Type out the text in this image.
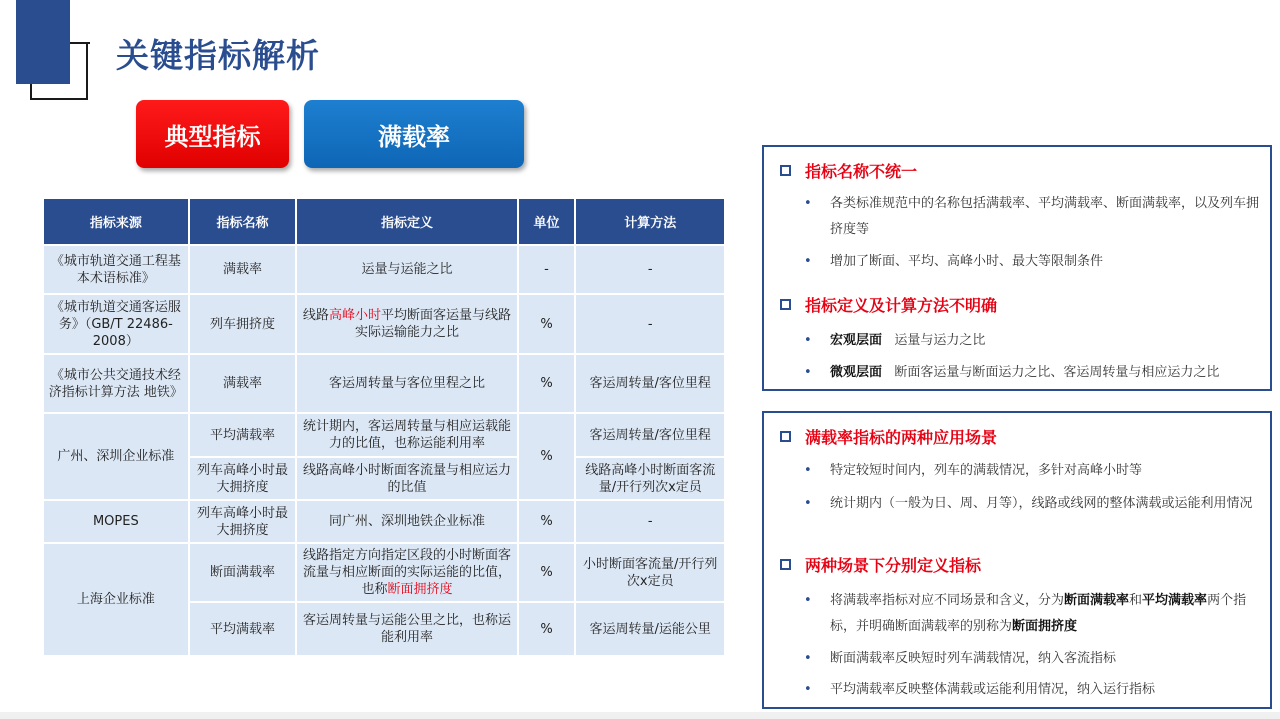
关键指标解析
典型指标	满载率
指标来源	指标名称	指标定义	单位	计算方法
《城市轨道交通工程基本术语标准》	满载率	运量与运能之比	-	-
《城市轨道交通客运服务》（GB/T 22486-2008）	列车拥挤度	线路高峰小时平均断面客运量与线路实际运输能力之比	%	-
《城市公共交通技术经济指标计算方法 地铁》	满载率	客运周转量与客位里程之比	%	客运周转量/客位里程
广州、深圳企业标准	平均满载率	统计期内，客运周转量与相应运载能力的比值，也称运能利用率	%	客运周转量/客位里程
	列车高峰小时最大拥挤度	线路高峰小时断面客流量与相应运力的比值		线路高峰小时断面客流量/开行列次x定员
MOPES	列车高峰小时最大拥挤度	同广州、深圳地铁企业标准	%	-
上海企业标准	断面满载率	线路指定方向指定区段的小时断面客流量与相应断面的实际运能的比值，也称断面拥挤度	%	小时断面客流量/开行列次x定员
	平均满载率	客运周转量与运能公里之比，也称运能利用率	%	客运周转量/运能公里
指标名称不统一
•	各类标准规范中的名称包括满载率、平均满载率、断面满载率，以及列车拥挤度等
•	增加了断面、平均、高峰小时、最大等限制条件
指标定义及计算方法不明确
•	宏观层面 运量与运力之比
•	微观层面 断面客运量与断面运力之比、客运周转量与相应运力之比
满载率指标的两种应用场景
•	特定较短时间内，列车的满载情况，多针对高峰小时等
•	统计期内（一般为日、周、月等），线路或线网的整体满载或运能利用情况
两种场景下分别定义指标
•	将满载率指标对应不同场景和含义，分为断面满载率和平均满载率两个指标，并明确断面满载率的别称为断面拥挤度
•	断面满载率反映短时列车满载情况，纳入客流指标
•	平均满载率反映整体满载或运能利用情况，纳入运行指标
